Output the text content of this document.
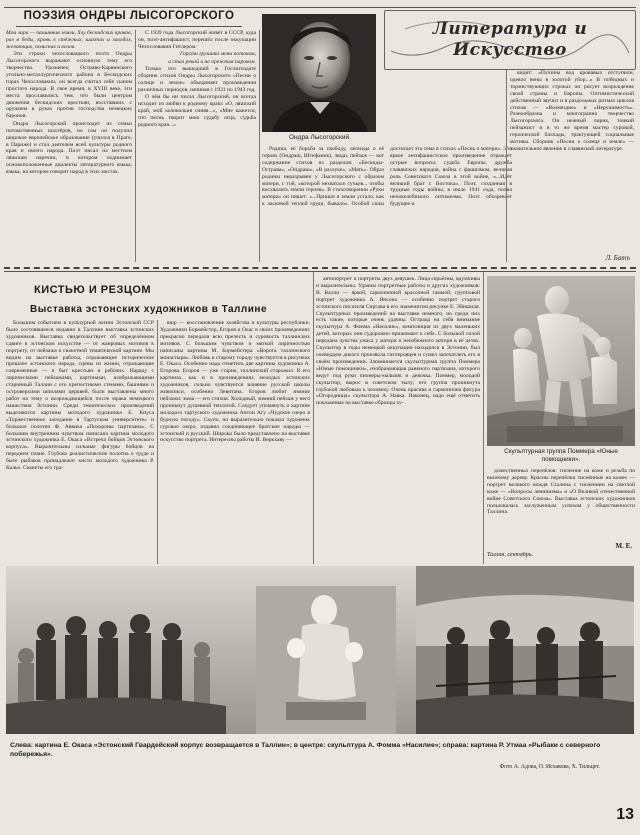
ПОЭЗИЯ ОНДРЫ ЛЫСОГОРСКОГО

Мои лира — пашинная земли, Хлу бескидских краков, раз я беды, кровь в стёжных, шахтах и заводах, желающих, польских и волов.

Эти строки чехословацкого поэта Ондры Лысогорского выражают основную тему его творчества. Уроженец Остраво-Карвинского угольно-металлургического района в Бескидских горах Чехословакии, он всегда считал себя сыном простого народа. В свое время, в XVIII веке, эти места прославились тем, что были центром движения бескидских крестьян, восставших с оружием в руках против господства немецких баронов.

Ондра Лысогорский происходит из семьи потомственных шахтёров, но сам он получил широкое европейское образование (учился в Праге, в Париже) и стал деятелем всей культуры родного края и своего народа. Поэт писал на местном ляшском наречии, в котором поднимает основоположенные диалекты литературного языка, языка, на котором говорит народ в этих местах.

С 1939 года Лысогорский живёт в СССР, куда он, поэт-антифашист, перешёл после оккупации Чехословакии Гитлером.

Горсти грушина мени потоком,

а стал рекой и не прежним пароком.

Только что вышедший в Гослитиздате сборник стихов Ондры Лысогорского «Песни о солнце и земле» объединяет произведения различных периодов, начиная с 1931 по 1943 год.

О чём бы ни писал Лысогорский, он всегда исходит из любви к родному краю: «О, ляшский край, мой колокольня синяя...», «Мне кажется, что песнь творит мою судьбу отца, судьба родного края...»

Ондра Лысогорский.
Литература и Искусство

Родина, её борьба за свободу, легенды о её героях (Ондраш, Штефаник), люди, пейзаж — вот содержание стихов из разделов: «Бескиды-Острава», «Ондраш», «В разлуке», «Мать». Образ родины неразрывен у Лысогорского с образом матери, с той, «которой нехватало сучьев... чтобы восхвалить земли героев». В стихотворении «Руки матери» он пишет: «...Пришат я земли устало, как к ласковой теплой груди, бывало». Особой силы достигает эта тема в стихах «Песнь о матери». Это яркое антифашистское произведение отражает острые вопросы: судьба Европы, дружба славянских народов, война с фашизмом, великая роль Советского Союза в этой войне, «...Идёт великий брат с Востока». Поэт, созданная в трудные годы войны, в июле 1941 года, полна непоколебимого оптимизма. Поэт обозревает будущее и

видит: «Пучины вод кровавых отступили, одеяло вены в золотой убор...» В победных и торжествующих строках он рисует возрождение своей страны и Европы. Оптимистический действенный звучит и в раздольных ритмах циклов стихов — «Возмездие» и «Нерушимость». Разнообразна и многогранна творчество Лысогорского. Он нежный лирик, тонкий пейзажист и в то же время мастер суровой, героической баллады, трактующей социальные мотивы. Сборник «Песни о солнце и земле» — значительное явление в славянской литературе.

Л. Батъ
КИСТЬЮ И РЕЗЦОМ
Выставка эстонских художников в Таллине

Большим событием в культурной жизни Эстонской ССР было состоявшееся недавно в Таллине выставка эстонских художников. Выставка свидетельствует об определённом сдвиге в эстонском искусстве — от жанровых мотивов к портрету, от пейзажа к сюжетной тематической картине. Мы видим на выставке работы, отражающие историческое прошлое эстонского народа, сцены из жизни, отражающие современные — и быт крестьян и рабочих. Наряду с лирическими пейзажами, картинами, изображающими старинный Таллин с его крепостными стенами, башнями и островерхими шпилями церквей, были выставлены много работ на тему о возрождающейся после мрака немецкого нашествия Эстонии. Среди тематических произведений выделяются картины молодого художника Е. Киуса «Торжественное заседание в Тартуском университете» и большое полотно Ф. Аввика «Похороны партизана». С большим внутренним чувством написана картина молодого эстонского художника Е. Окаса «Встреча бойцов Эстонского корпуса». Выразительны сильные фигуры бойцов на переднем плане. Глубоко реалистические полотна о труде и быте рыбаков принадлежат кисти молодого художника Р. Кальо. Сюжеты его гра-

вюр — восстановление хозяйства и культуры республики. Художники Бормейстер, Егоров и Окас в своих произведениях прекрасно передали всю прелесть и суровость таллинских мотивов. С большим чувством и мягкой лиричностью написаны картины М. Бормейстера «Ворота таллинского монастыря». Любовь к старому городу чувствуется в рисунках Е. Окаса. Особенно надо отметить две картины художника А. Егорова. Егоров — уже старик, таллинский старожил. В его картинах, как и в произведениях молодых эстонских художников, сильно чувствуется влияние русской школы живописи, особенно Левитана. Егоров любит зимние пейзажи: зима — его стихия. Холодный, зимний пейзаж у него проникнут душевной теплотой. Следует упомянуть о картине молодого тартуского художника Антон Агу «Чудское озеро в бурную погоду». Скупо, но выразительно показал художник суровое озеро, издавна соединяющее братские народы — эстонский и русский. Широко было представлено на выставке искусство портрета. Интересны работы И. Веркхаву —

автопортрет и портреты двух девушек. Лица серьёзны, вдумчивы и выразительны. Удачны портретные работы и других художников: В. Валли — яркой, гармоничной красочной гаммой; групповой портрет художника А. Янсона — особенно портрет старого эстонского писателя Сиргава в его знаменитом рисунке Е. Эйншиля. Скульптурных произведений на выставке немного, но среди них есть такие, которые очень удачны. Остраца на себя внимание скульптура А. Фомма «Насилие», композиция из двух маленьких детей, которых они судорожно прижимает к себе. С большой силой передана чувства ужаса у матери и неизбежного матери в её детях. Скульптор в годы немецкой оккупации находился в Эстонии, был очевидцем дикого произвола гитлеровцев и сумел запечатлеть его в своём произведении. Запоминается скульптурная группа Поммера «Юные помощники», изображающая раненого партизана, которого ведут под руки пионеры-мальчик и девочка. Поммер, молодой скульптор, вырос в советском тылу; его группа проникнута глубокой любовью к человеку. Очень красива и гармонична фигура «Огородница» скульптора А. Навка. Наконец, надо ещё отметить показанные на выставке образцы ху-

Скульптурная группа Поммера «Юные помощники».

дожественных перепёлов: тиснение на коже и резьба по висячему дереву. Красны перепёлки тиснённые на кожех — портрет великого вождя Сталина с тиснением на светлой коже — «Вопросы ленинизма» и «О Великой отечественной войне Советского Союза». Выставка эстонских художников пользовалась заслуженным успехом у общественности Таллина.

М. Е.
Таллин, сентябрь.
Слева: картина Е. Окаса «Эстонский Гвардейский корпус возвращается в Таллин»; в центре: скульптура А. Фомма «Насилие»; справа: картина Р. Утмаа «Рыбаки с северного побережья».
Фото А. Адова, О. Исхакова, Х. Тильцет.
13
